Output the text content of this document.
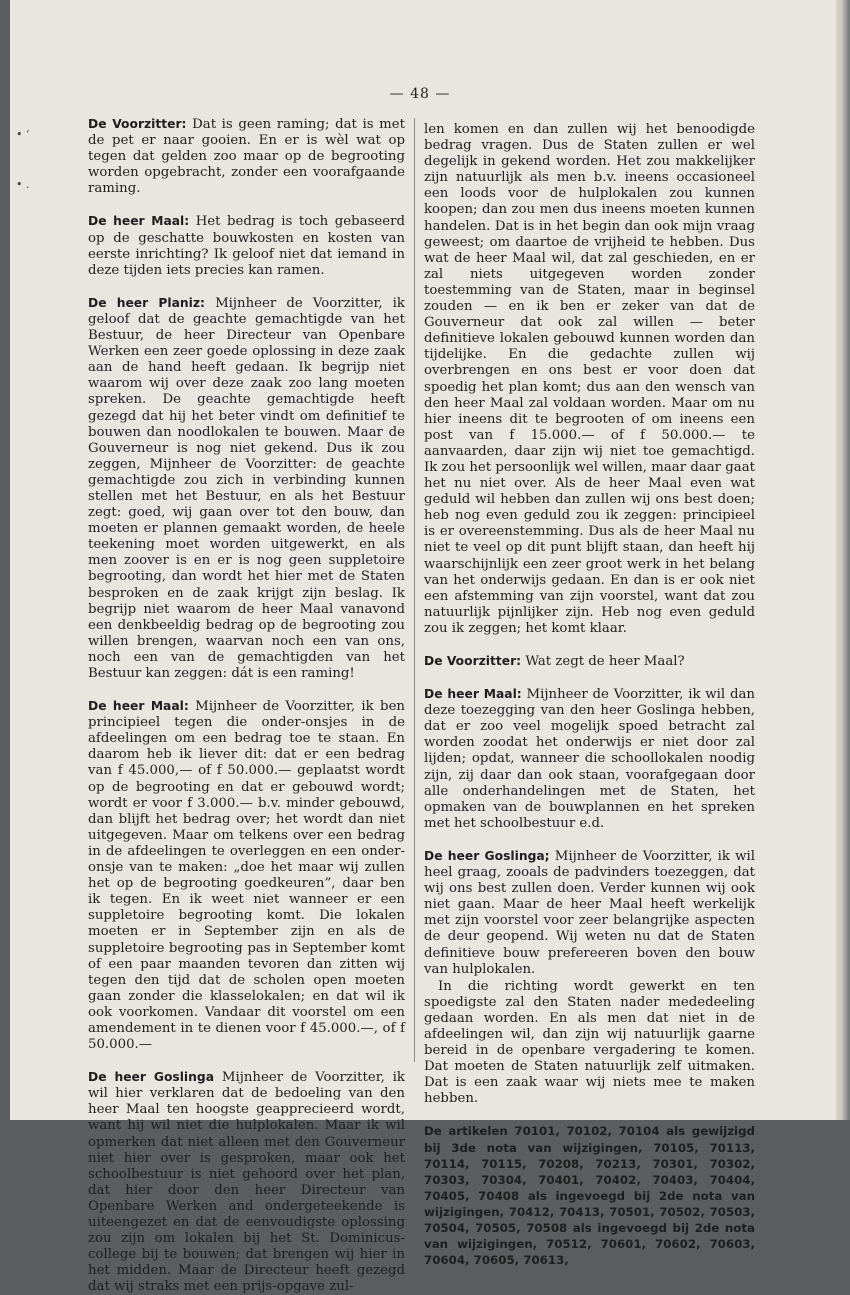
• ‘
• .
— 48 —

De Voorzitter: Dat is geen raming; dat is met de pet er naar gooien. En er is wèl wat op tegen dat gelden zoo maar op de begrooting worden opgebracht, zonder een voorafgaande raming.

De heer Maal: Het bedrag is toch gebaseerd op de geschatte bouwkosten en kosten van eerste inrichting? Ik geloof niet dat iemand in deze tijden iets precies kan ramen.

De heer Planiz: Mijnheer de Voorzitter, ik geloof dat de geachte gemachtigde van het Bestuur, de heer Directeur van Openbare Werken een zeer goede oplossing in deze zaak aan de hand heeft gedaan. Ik begrijp niet waarom wij over deze zaak zoo lang moeten spreken. De geachte gemachtigde heeft gezegd dat hij het beter vindt om definitief te bouwen dan noodlokalen te bouwen. Maar de Gouverneur is nog niet gekend. Dus ik zou zeggen, Mijnheer de Voorzitter: de geachte gemachtigde zou zich in verbinding kunnen stellen met het Bestuur, en als het Bestuur zegt: goed, wij gaan over tot den bouw, dan moeten er plannen gemaakt worden, de heele teekening moet worden uitgewerkt, en als men zoover is en er is nog geen suppletoire begrooting, dan wordt het hier met de Staten besproken en de zaak krijgt zijn beslag. Ik begrijp niet waarom de heer Maal vanavond een denkbeeldig bedrag op de begrooting zou willen brengen, waarvan noch een van ons, noch een van de gemachtigden van het Bestuur kan zeggen: dát is een raming!

De heer Maal: Mijnheer de Voorzitter, ik ben principieel tegen die onder-onsjes in de afdeelingen om een bedrag toe te staan. En daarom heb ik liever dit: dat er een bedrag van f 45.000,— of f 50.000.— geplaatst wordt op de begrooting en dat er gebouwd wordt; wordt er voor f 3.000.— b.v. minder gebouwd, dan blijft het bedrag over; het wordt dan niet uitgegeven. Maar om telkens over een bedrag in de afdeelingen te overleggen en een onder-onsje van te maken: „doe het maar wij zullen het op de begrooting goedkeuren”, daar ben ik tegen. En ik weet niet wanneer er een suppletoire begrooting komt. Die lokalen moeten er in September zijn en als de suppletoire begrooting pas in September komt of een paar maanden tevoren dan zitten wij tegen den tijd dat de scholen open moeten gaan zonder die klasselokalen; en dat wil ik ook voorkomen. Vandaar dit voorstel om een amendement in te dienen voor f 45.000.—, of f 50.000.—

De heer Goslinga Mijnheer de Voorzitter, ik wil hier verklaren dat de bedoeling van den heer Maal ten hoogste geapprecieerd wordt, want hij wil niet die hulplokalen. Maar ik wil opmerken dat niet alleen met den Gouverneur niet hier over is gesproken, maar ook het schoolbestuur is niet gehoord over het plan, dat hier door den heer Directeur van Openbare Werken and ondergeteekende is uiteengezet en dat de eenvoudigste oplossing zou zijn om lokalen bij het St. Dominicus-college bij te bouwen; dat brengen wij hier in het midden. Maar de Directeur heeft gezegd dat wij straks met een prijs-opgave zul-

len komen en dan zullen wij het benoodigde bedrag vragen. Dus de Staten zullen er wel degelijk in gekend worden. Het zou makkelijker zijn natuurlijk als men b.v. ineens occasioneel een loods voor de hulplokalen zou kunnen koopen; dan zou men dus ineens moeten kunnen handelen. Dat is in het begin dan ook mijn vraag geweest; om daartoe de vrijheid te hebben. Dus wat de heer Maal wil, dat zal geschieden, en er zal niets uitgegeven worden zonder toestemming van de Staten, maar in beginsel zouden — en ik ben er zeker van dat de Gouverneur dat ook zal willen — beter definitieve lokalen gebouwd kunnen worden dan tijdelijke. En die gedachte zullen wij overbrengen en ons best er voor doen dat spoedig het plan komt; dus aan den wensch van den heer Maal zal voldaan worden. Maar om nu hier ineens dit te begrooten of om ineens een post van f 15.000.— of f 50.000.— te aanvaarden, daar zijn wij niet toe gemachtigd. Ik zou het persoonlijk wel willen, maar daar gaat het nu niet over. Als de heer Maal even wat geduld wil hebben dan zullen wij ons best doen; heb nog even geduld zou ik zeggen: principieel is er overeenstemming. Dus als de heer Maal nu niet te veel op dit punt blijft staan, dan heeft hij waarschijnlijk een zeer groot werk in het belang van het onderwijs gedaan. En dan is er ook niet een afstemming van zijn voorstel, want dat zou natuurlijk pijnlijker zijn. Heb nog even geduld zou ik zeggen; het komt klaar.

De Voorzitter: Wat zegt de heer Maal?

De heer Maal: Mijnheer de Voorzitter, ik wil dan deze toezegging van den heer Goslinga hebben, dat er zoo veel mogelijk spoed betracht zal worden zoodat het onderwijs er niet door zal lijden; opdat, wanneer die schoollokalen noodig zijn, zij daar dan ook staan, voorafgegaan door alle onderhandelingen met de Staten, het opmaken van de bouwplannen en het spreken met het schoolbestuur e.d.

De heer Goslinga; Mijnheer de Voorzitter, ik wil heel graag, zooals de padvinders toezeggen, dat wij ons best zullen doen. Verder kunnen wij ook niet gaan. Maar de heer Maal heeft werkelijk met zijn voorstel voor zeer belangrijke aspecten de deur geopend. Wij weten nu dat de Staten definitieve bouw prefereeren boven den bouw van hulplokalen.

In die richting wordt gewerkt en ten spoedigste zal den Staten nader mededeeling gedaan worden. En als men dat niet in de afdeelingen wil, dan zijn wij natuurlijk gaarne bereid in de openbare vergadering te komen. Dat moeten de Staten natuurlijk zelf uitmaken. Dat is een zaak waar wij niets mee te maken hebben.

De artikelen 70101, 70102, 70104 als gewijzigd bij 3de nota van wijzigingen, 70105, 70113, 70114, 70115, 70208, 70213, 70301, 70302, 70303, 70304, 70401, 70402, 70403, 70404, 70405, 70408 als ingevoegd bij 2de nota van wijzigingen, 70412, 70413, 70501, 70502, 70503, 70504, 70505, 70508 als ingevoegd bij 2de nota van wijzigingen, 70512, 70601, 70602, 70603, 70604, 70605, 70613,
